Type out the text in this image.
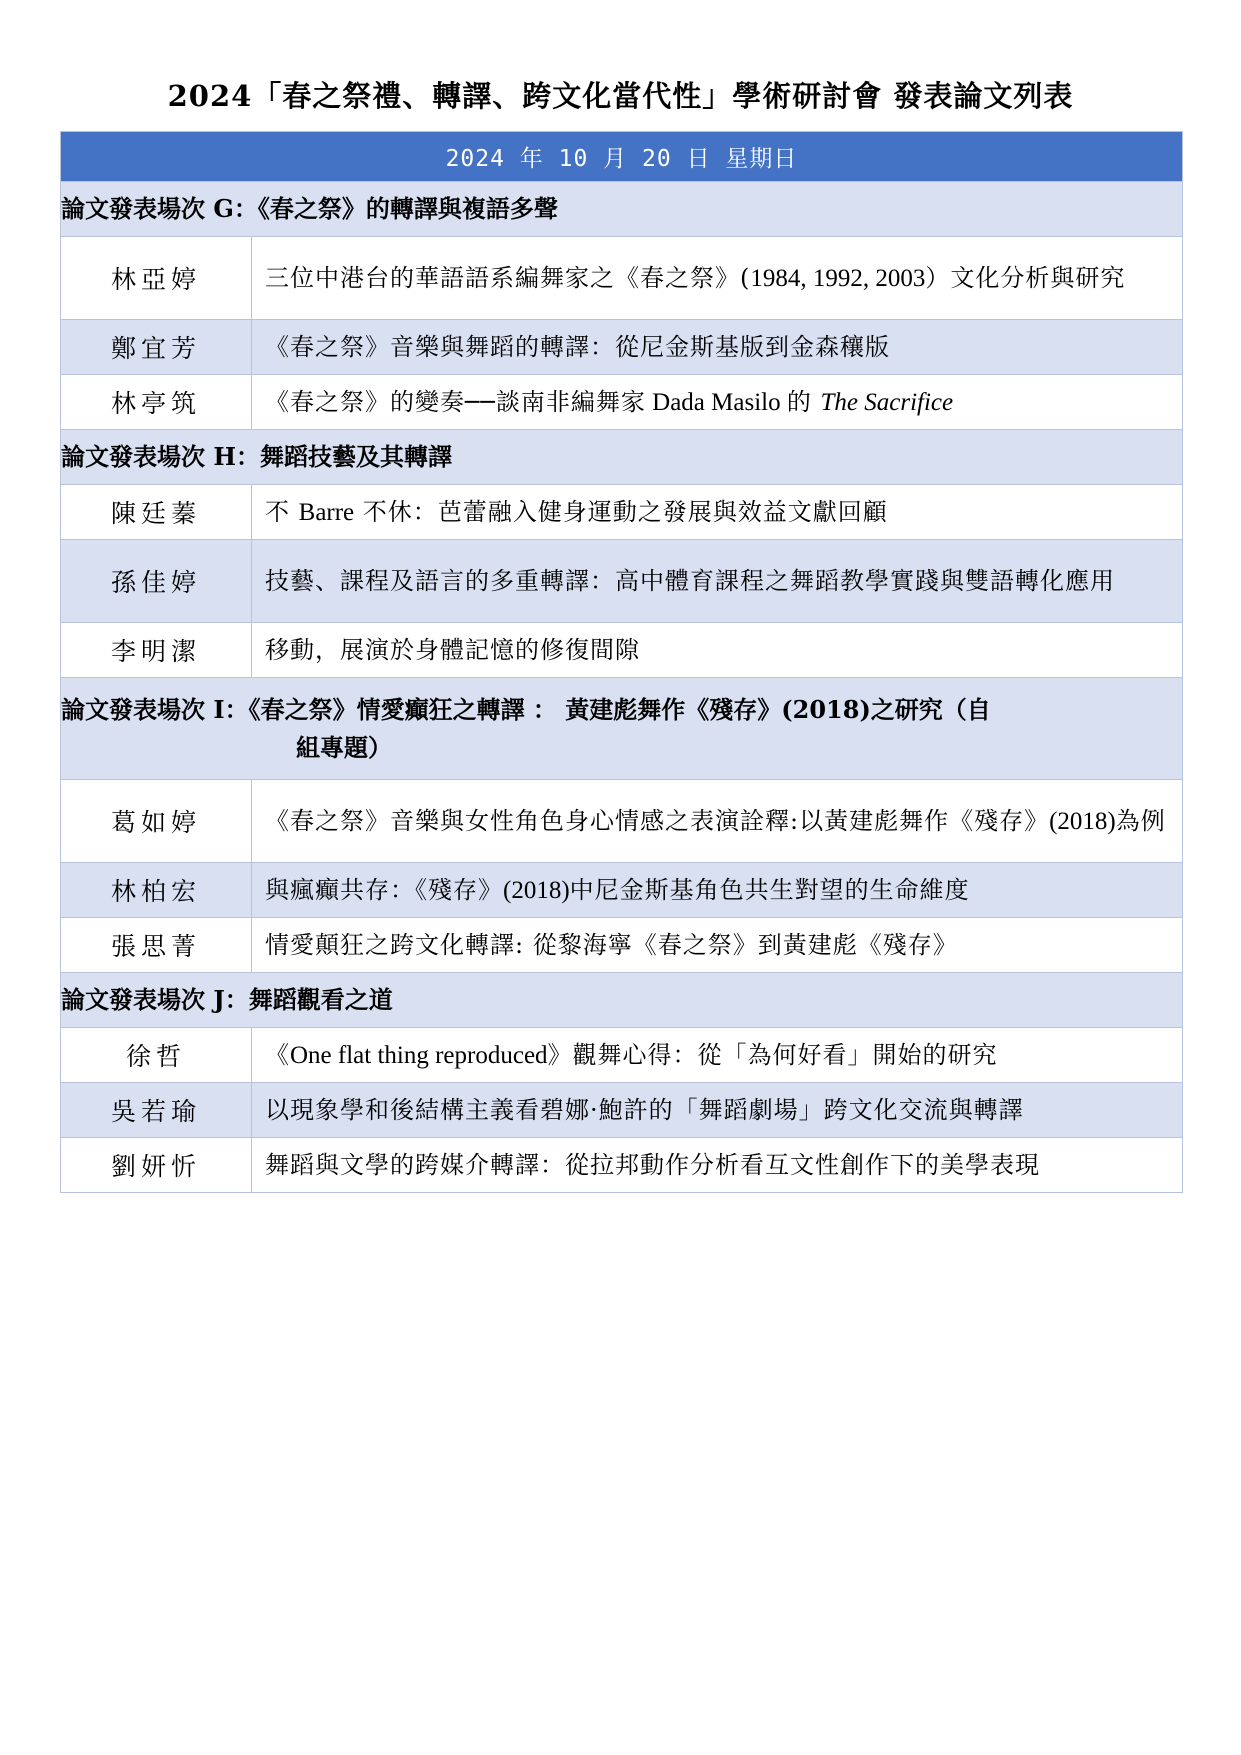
2024「春之祭禮、轉譯、跨文化當代性」學術研討會 發表論文列表
2024 年 10 月 20 日 星期日	
論文發表場次 G：《春之祭》的轉譯與複語多聲	
林亞婷	三位中港台的華語語系編舞家之《春之祭》(1984, 1992, 2003）文化分析與研究
鄭宜芳	《春之祭》音樂與舞蹈的轉譯：從尼金斯基版到金森穰版
林亭筑	《春之祭》的變奏──談南非編舞家 Dada Masilo 的 The Sacrifice
論文發表場次 H：舞蹈技藝及其轉譯	
陳廷蓁	不 Barre 不休：芭蕾融入健身運動之發展與效益文獻回顧
孫佳婷	技藝、課程及語言的多重轉譯：高中體育課程之舞蹈教學實踐與雙語轉化應用
李明潔	移動，展演於身體記憶的修復間隙
論文發表場次 I：《春之祭》情愛癲狂之轉譯 ： 黃建彪舞作《殘存》(2018)之研究（自
組專題）	

葛如婷	《春之祭》音樂與女性角色身心情感之表演詮釋:以黃建彪舞作《殘存》(2018)為例
林柏宏	與瘋癲共存：《殘存》(2018)中尼金斯基角色共生對望的生命維度
張思菁	情愛顛狂之跨文化轉譯: 從黎海寧《春之祭》到黃建彪《殘存》
論文發表場次 J：舞蹈觀看之道	
徐哲	《One flat thing reproduced》觀舞心得：從「為何好看」開始的研究
吳若瑜	以現象學和後結構主義看碧娜·鮑許的「舞蹈劇場」跨文化交流與轉譯
劉妍忻	舞蹈與文學的跨媒介轉譯：從拉邦動作分析看互文性創作下的美學表現
